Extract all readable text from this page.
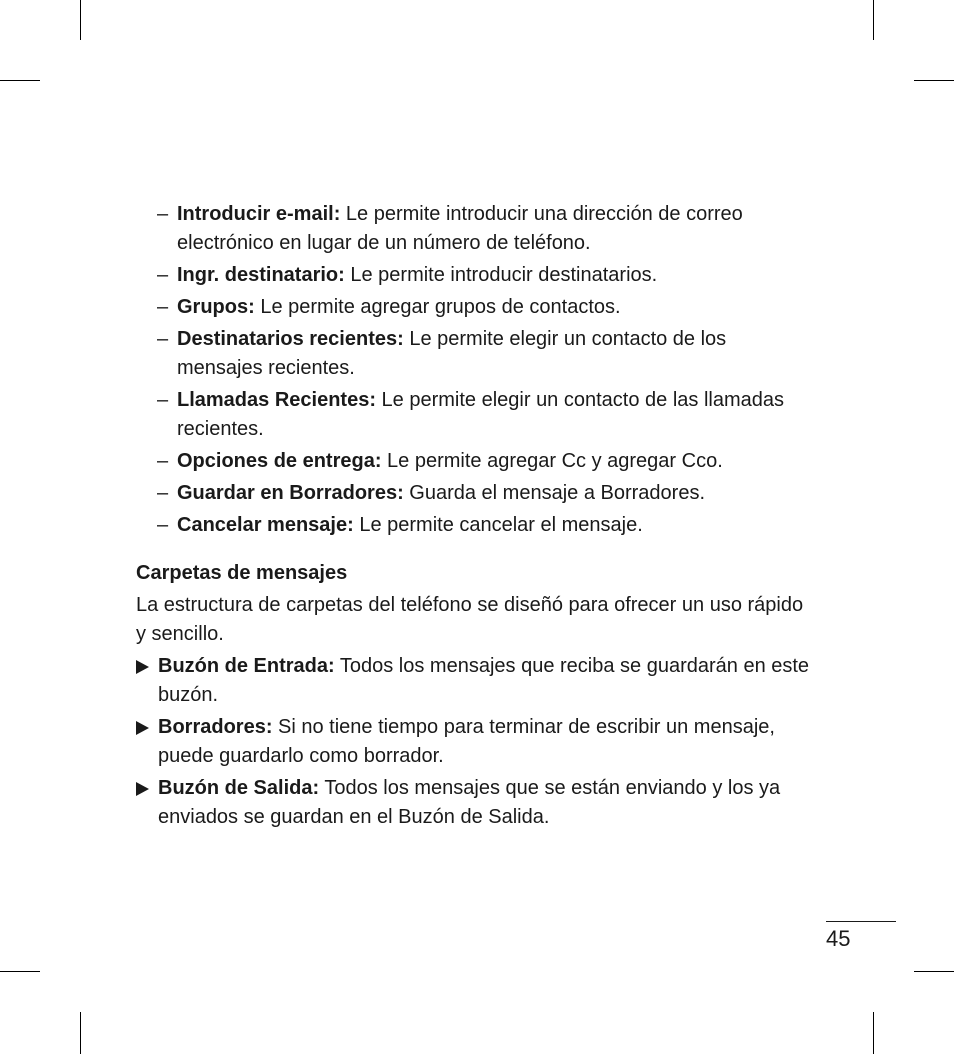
– Introducir e-mail: Le permite introducir una dirección de correo electrónico en lugar de un número de teléfono.
– Ingr. destinatario: Le permite introducir destinatarios.
– Grupos: Le permite agregar grupos de contactos.
– Destinatarios recientes: Le permite elegir un contacto de los mensajes recientes.
– Llamadas Recientes: Le permite elegir un contacto de las llamadas recientes.
– Opciones de entrega: Le permite agregar Cc y agregar Cco.
– Guardar en Borradores: Guarda el mensaje a Borradores.
– Cancelar mensaje: Le permite cancelar el mensaje.
Carpetas de mensajes

La estructura de carpetas del teléfono se diseñó para ofrecer un uso rápido y sencillo.

Buzón de Entrada: Todos los mensajes que reciba se guardarán en este buzón.
Borradores: Si no tiene tiempo para terminar de escribir un mensaje, puede guardarlo como borrador.
Buzón de Salida: Todos los mensajes que se están enviando y los ya enviados se guardan en el Buzón de Salida.
45
